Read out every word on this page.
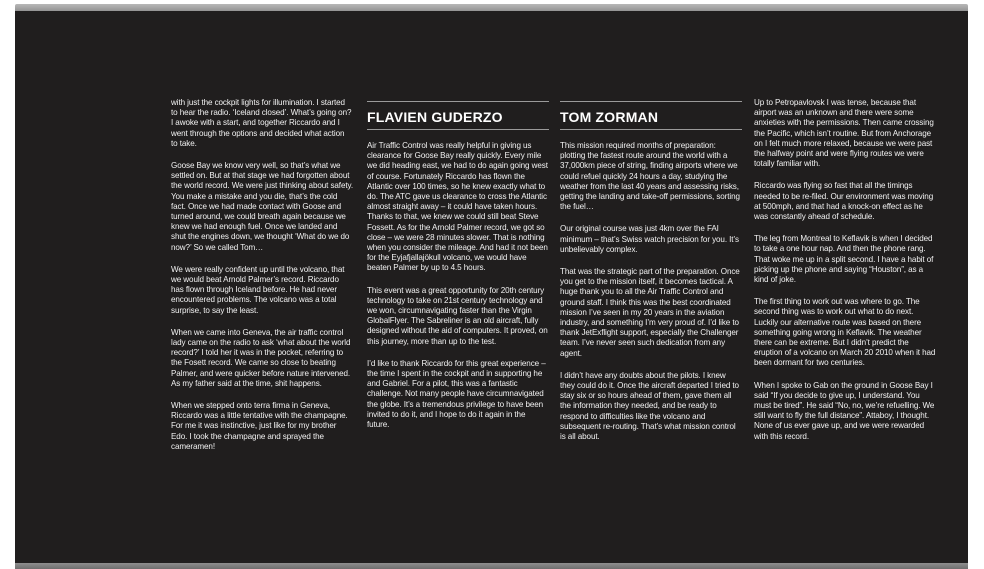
with just the cockpit lights for illumination. I started to hear the radio. ‘Iceland closed’. What’s going on? I awoke with a start, and together Riccardo and I went through the options and decided what action to take.

Goose Bay we know very well, so that’s what we settled on. But at that stage we had forgotten about the world record. We were just thinking about safety. You make a mistake and you die, that’s the cold fact. Once we had made contact with Goose and turned around, we could breath again because we knew we had enough fuel. Once we landed and shut the engines down, we thought ‘What do we do now?’ So we called Tom…

We were really confident up until the volcano, that we would beat Arnold Palmer’s record. Riccardo has flown through Iceland before. He had never encountered problems. The volcano was a total surprise, to say the least.

When we came into Geneva, the air traffic control lady came on the radio to ask ‘what about the world record?’ I told her it was in the pocket, referring to the Fosett record. We came so close to beating Palmer, and were quicker before nature intervened. As my father said at the time, shit happens.

When we stepped onto terra firma in Geneva, Riccardo was a little tentative with the champagne. For me it was instinctive, just like for my brother Edo. I took the champagne and sprayed the cameramen!

FLAVIEN GUDERZO

Air Traffic Control was really helpful in giving us clearance for Goose Bay really quickly. Every mile we did heading east, we had to do again going west of course. Fortunately Riccardo has flown the Atlantic over 100 times, so he knew exactly what to do. The ATC gave us clearance to cross the Atlantic almost straight away – it could have taken hours. Thanks to that, we knew we could still beat Steve Fossett. As for the Arnold Palmer record, we got so close – we were 28 minutes slower. That is nothing when you consider the mileage. And had it not been for the Eyjafjallajökull volcano, we would have beaten Palmer by up to 4.5 hours.

This event was a great opportunity for 20th century technology to take on 21st century technology and we won, circumnavigating faster than the Virgin GlobalFlyer. The Sabreliner is an old aircraft, fully designed without the aid of computers. It proved, on this journey, more than up to the test.

I’d like to thank Riccardo for this great experience – the time I spent in the cockpit and in supporting he and Gabriel. For a pilot, this was a fantastic challenge. Not many people have circumnavigated the globe. It’s a tremendous privilege to have been invited to do it, and I hope to do it again in the future.

TOM ZORMAN

This mission required months of preparation: plotting the fastest route around the world with a 37,000km piece of string, finding airports where we could refuel quickly 24 hours a day, studying the weather from the last 40 years and assessing risks, getting the landing and take-off permissions, sorting the fuel…

Our original course was just 4km over the FAI minimum – that’s Swiss watch precision for you. It’s unbelievably complex.

That was the strategic part of the preparation. Once you get to the mission itself, it becomes tactical. A huge thank you to all the Air Traffic Control and ground staff. I think this was the best coordinated mission I’ve seen in my 20 years in the aviation industry, and something I’m very proud of. I’d like to thank JetExflight support, especially the Challenger team. I’ve never seen such dedication from any agent.

I didn’t have any doubts about the pilots. I knew they could do it. Once the aircraft departed I tried to stay six or so hours ahead of them, gave them all the information they needed, and be ready to respond to difficulties like the volcano and subsequent re-routing. That’s what mission control is all about.

Up to Petropavlovsk I was tense, because that airport was an unknown and there were some anxieties with the permissions. Then came crossing the Pacific, which isn’t routine. But from Anchorage on I felt much more relaxed, because we were past the halfway point and were flying routes we were totally familiar with.

Riccardo was flying so fast that all the timings needed to be re-filed. Our environment was moving at 500mph, and that had a knock-on effect as he was constantly ahead of schedule.

The leg from Montreal to Keflavik is when I decided to take a one hour nap. And then the phone rang. That woke me up in a split second. I have a habit of picking up the phone and saying “Houston”, as a kind of joke.

The first thing to work out was where to go. The second thing was to work out what to do next. Luckily our alternative route was based on there something going wrong in Keflavik. The weather there can be extreme. But I didn’t predict the eruption of a volcano on March 20 2010 when it had been dormant for two centuries.

When I spoke to Gab on the ground in Goose Bay I said “If you decide to give up, I understand. You must be tired”. He said “No, no, we’re refuelling. We still want to fly the full distance”. Attaboy, I thought. None of us ever gave up, and we were rewarded with this record.
